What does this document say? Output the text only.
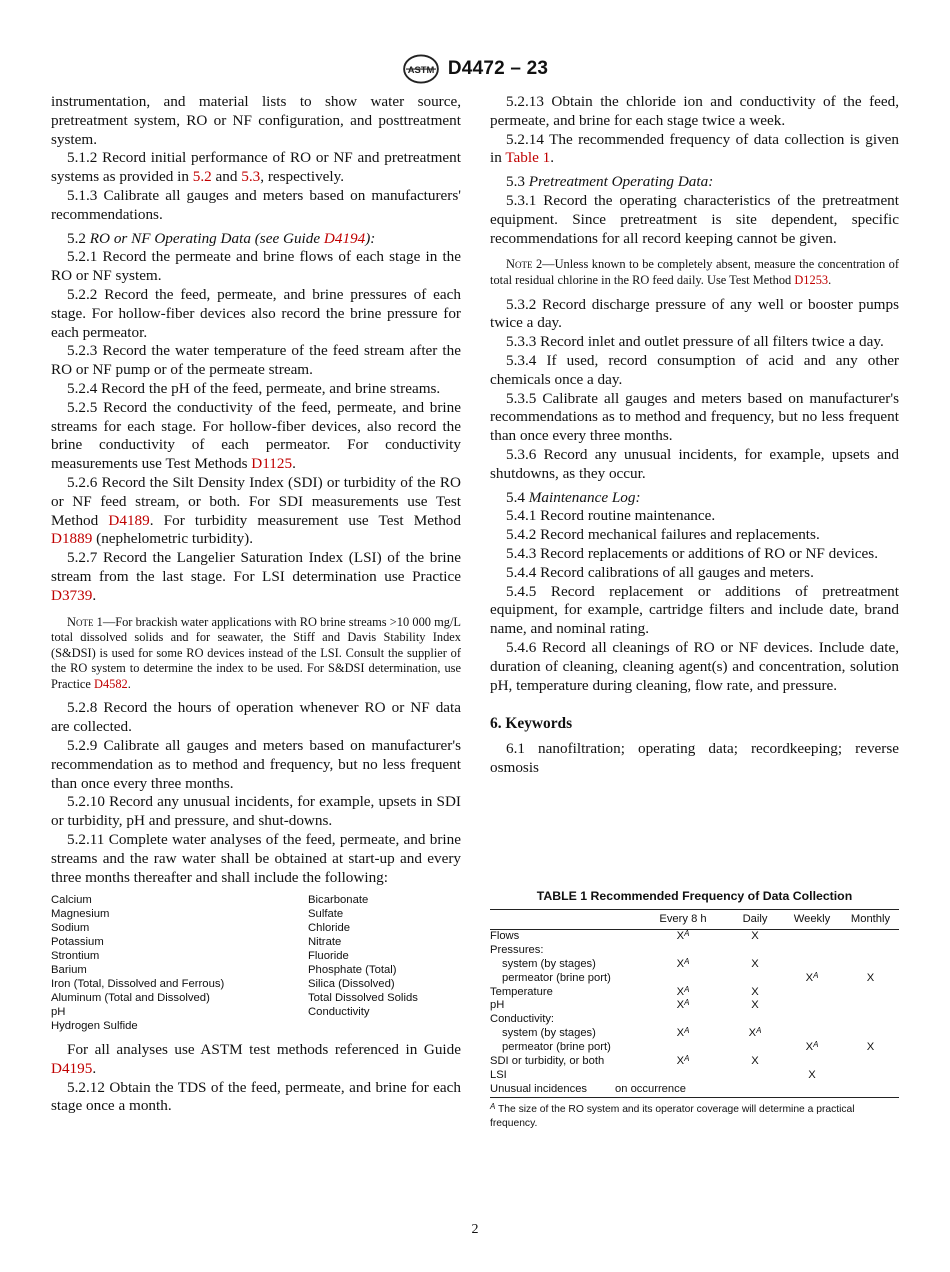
ASTM D4472 – 23

instrumentation, and material lists to show water source, pretreatment system, RO or NF configuration, and posttreatment system.

5.1.2 Record initial performance of RO or NF and pretreatment systems as provided in 5.2 and 5.3, respectively.

5.1.3 Calibrate all gauges and meters based on manufacturers' recommendations.

5.2 RO or NF Operating Data (see Guide D4194):

5.2.1 Record the permeate and brine flows of each stage in the RO or NF system.

5.2.2 Record the feed, permeate, and brine pressures of each stage. For hollow-fiber devices also record the brine pressure for each permeator.

5.2.3 Record the water temperature of the feed stream after the RO or NF pump or of the permeate stream.

5.2.4 Record the pH of the feed, permeate, and brine streams.

5.2.5 Record the conductivity of the feed, permeate, and brine streams for each stage. For hollow-fiber devices, also record the brine conductivity of each permeator. For conductivity measurements use Test Methods D1125.

5.2.6 Record the Silt Density Index (SDI) or turbidity of the RO or NF feed stream, or both. For SDI measurements use Test Method D4189. For turbidity measurement use Test Method D1889 (nephelometric turbidity).

5.2.7 Record the Langelier Saturation Index (LSI) of the brine stream from the last stage. For LSI determination use Practice D3739.

Note 1—For brackish water applications with RO brine streams >10 000 mg/L total dissolved solids and for seawater, the Stiff and Davis Stability Index (S&DSI) is used for some RO devices instead of the LSI. Consult the supplier of the RO system to determine the index to be used. For S&DSI determination, use Practice D4582.

5.2.8 Record the hours of operation whenever RO or NF data are collected.

5.2.9 Calibrate all gauges and meters based on manufacturer's recommendation as to method and frequency, but no less frequent than once every three months.

5.2.10 Record any unusual incidents, for example, upsets in SDI or turbidity, pH and pressure, and shut-downs.

5.2.11 Complete water analyses of the feed, permeate, and brine streams and the raw water shall be obtained at start-up and every three months thereafter and shall include the following:

Calcium	Bicarbonate
Magnesium	Sulfate
Sodium	Chloride
Potassium	Nitrate
Strontium	Fluoride
Barium	Phosphate (Total)
Iron (Total, Dissolved and Ferrous)	Silica (Dissolved)
Aluminum (Total and Dissolved)	Total Dissolved Solids
pH	Conductivity
Hydrogen Sulfide

For all analyses use ASTM test methods referenced in Guide D4195.

5.2.12 Obtain the TDS of the feed, permeate, and brine for each stage once a month.

5.2.13 Obtain the chloride ion and conductivity of the feed, permeate, and brine for each stage twice a week.

5.2.14 The recommended frequency of data collection is given in Table 1.

5.3 Pretreatment Operating Data:

5.3.1 Record the operating characteristics of the pretreatment equipment. Since pretreatment is site dependent, specific recommendations for all record keeping cannot be given.

Note 2—Unless known to be completely absent, measure the concentration of total residual chlorine in the RO feed daily. Use Test Method D1253.

5.3.2 Record discharge pressure of any well or booster pumps twice a day.

5.3.3 Record inlet and outlet pressure of all filters twice a day.

5.3.4 If used, record consumption of acid and any other chemicals once a day.

5.3.5 Calibrate all gauges and meters based on manufacturer's recommendations as to method and frequency, but no less frequent than once every three months.

5.3.6 Record any unusual incidents, for example, upsets and shutdowns, as they occur.

5.4 Maintenance Log:

5.4.1 Record routine maintenance.

5.4.2 Record mechanical failures and replacements.

5.4.3 Record replacements or additions of RO or NF devices.

5.4.4 Record calibrations of all gauges and meters.

5.4.5 Record replacement or additions of pretreatment equipment, for example, cartridge filters and include date, brand name, and nominal rating.

5.4.6 Record all cleanings of RO or NF devices. Include date, duration of cleaning, cleaning agent(s) and concentration, solution pH, temperature during cleaning, flow rate, and pressure.

6. Keywords

6.1 nanofiltration; operating data; recordkeeping; reverse osmosis

TABLE 1 Recommended Frequency of Data Collection
	Every 8 h	Daily	Weekly	Monthly
Flows	$X^A$	X		
Pressures:				
system (by stages)	$X^A$	X		
permeator (brine port)			$X^A$	X
Temperature	$X^A$	X		
pH	$X^A$	X		
Conductivity:				
system (by stages)	$X^A$	$X^A$		
permeator (brine port)			$X^A$	X
SDI or turbidity, or both	$X^A$	X		
LSI			X	
Unusual incidences on occurrence				
$^A$ The size of the RO system and its operator coverage will determine a practical frequency.
2
